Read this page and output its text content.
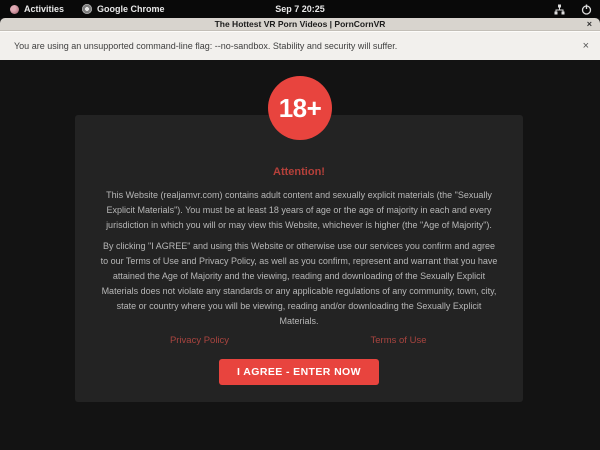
Activities	Google Chrome	Sep 7 20:25
The Hottest VR Porn Videos | PornCornVR	×
You are using an unsupported command-line flag: --no-sandbox. Stability and security will suffer.	×
18+
Attention!

This Website (realjamvr.com) contains adult content and sexually explicit materials (the "Sexually Explicit Materials"). You must be at least 18 years of age or the age of majority in each and every jurisdiction in which you will or may view this Website, whichever is higher (the "Age of Majority").

By clicking "I AGREE" and using this Website or otherwise use our services you confirm and agree to our Terms of Use and Privacy Policy, as well as you confirm, represent and warrant that you have attained the Age of Majority and the viewing, reading and downloading of the Sexually Explicit Materials does not violate any standards or any applicable regulations of any community, town, city, state or country where you will be viewing, reading and/or downloading the Sexually Explicit Materials.

Privacy Policy	Terms of Use
I AGREE - ENTER NOW
